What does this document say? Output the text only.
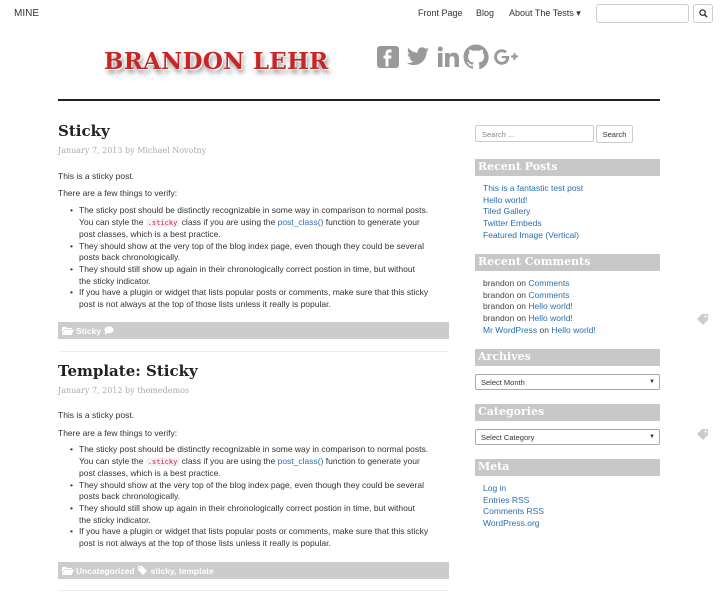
MINE	Front Page Blog About The Tests ▾
BRANDON LEHR
Sticky
January 7, 2013 by Michael Novotny
This is a sticky post.
There are a few things to verify:
• The sticky post should be distinctly recognizable in some way in comparison to normal posts.
You can style the .sticky class if you are using the post_class() function to generate your
post classes, which is a best practice.
• They should show at the very top of the blog index page, even though they could be several
posts back chronologically.
• They should still show up again in their chronologically correct postion in time, but without
the sticky indicator.
• If you have a plugin or widget that lists popular posts or comments, make sure that this sticky
post is not always at the top of those lists unless it really is popular.
Sticky
Template: Sticky
January 7, 2012 by themedemos
This is a sticky post.
There are a few things to verify:
• The sticky post should be distinctly recognizable in some way in comparison to normal posts.
You can style the .sticky class if you are using the post_class() function to generate your
post classes, which is a best practice.
• They should show at the very top of the blog index page, even though they could be several
posts back chronologically.
• They should still show up again in their chronologically correct postion in time, but without
the sticky indicator.
• If you have a plugin or widget that lists popular posts or comments, make sure that this sticky
post is not always at the top of those lists unless it really is popular.
Uncategorized sticky, template
Search ...	Search
Recent Posts
This is a fantastic test post
Hello world!
Tiled Gallery
Twitter Embeds
Featured Image (Vertical)
Recent Comments
brandon on Comments
brandon on Comments
brandon on Hello world!
brandon on Hello world!
Mr WordPress on Hello world!
Archives
Select Month	▼
Categories
Select Category	▼
Meta
Log in
Entries RSS
Comments RSS
WordPress.org
